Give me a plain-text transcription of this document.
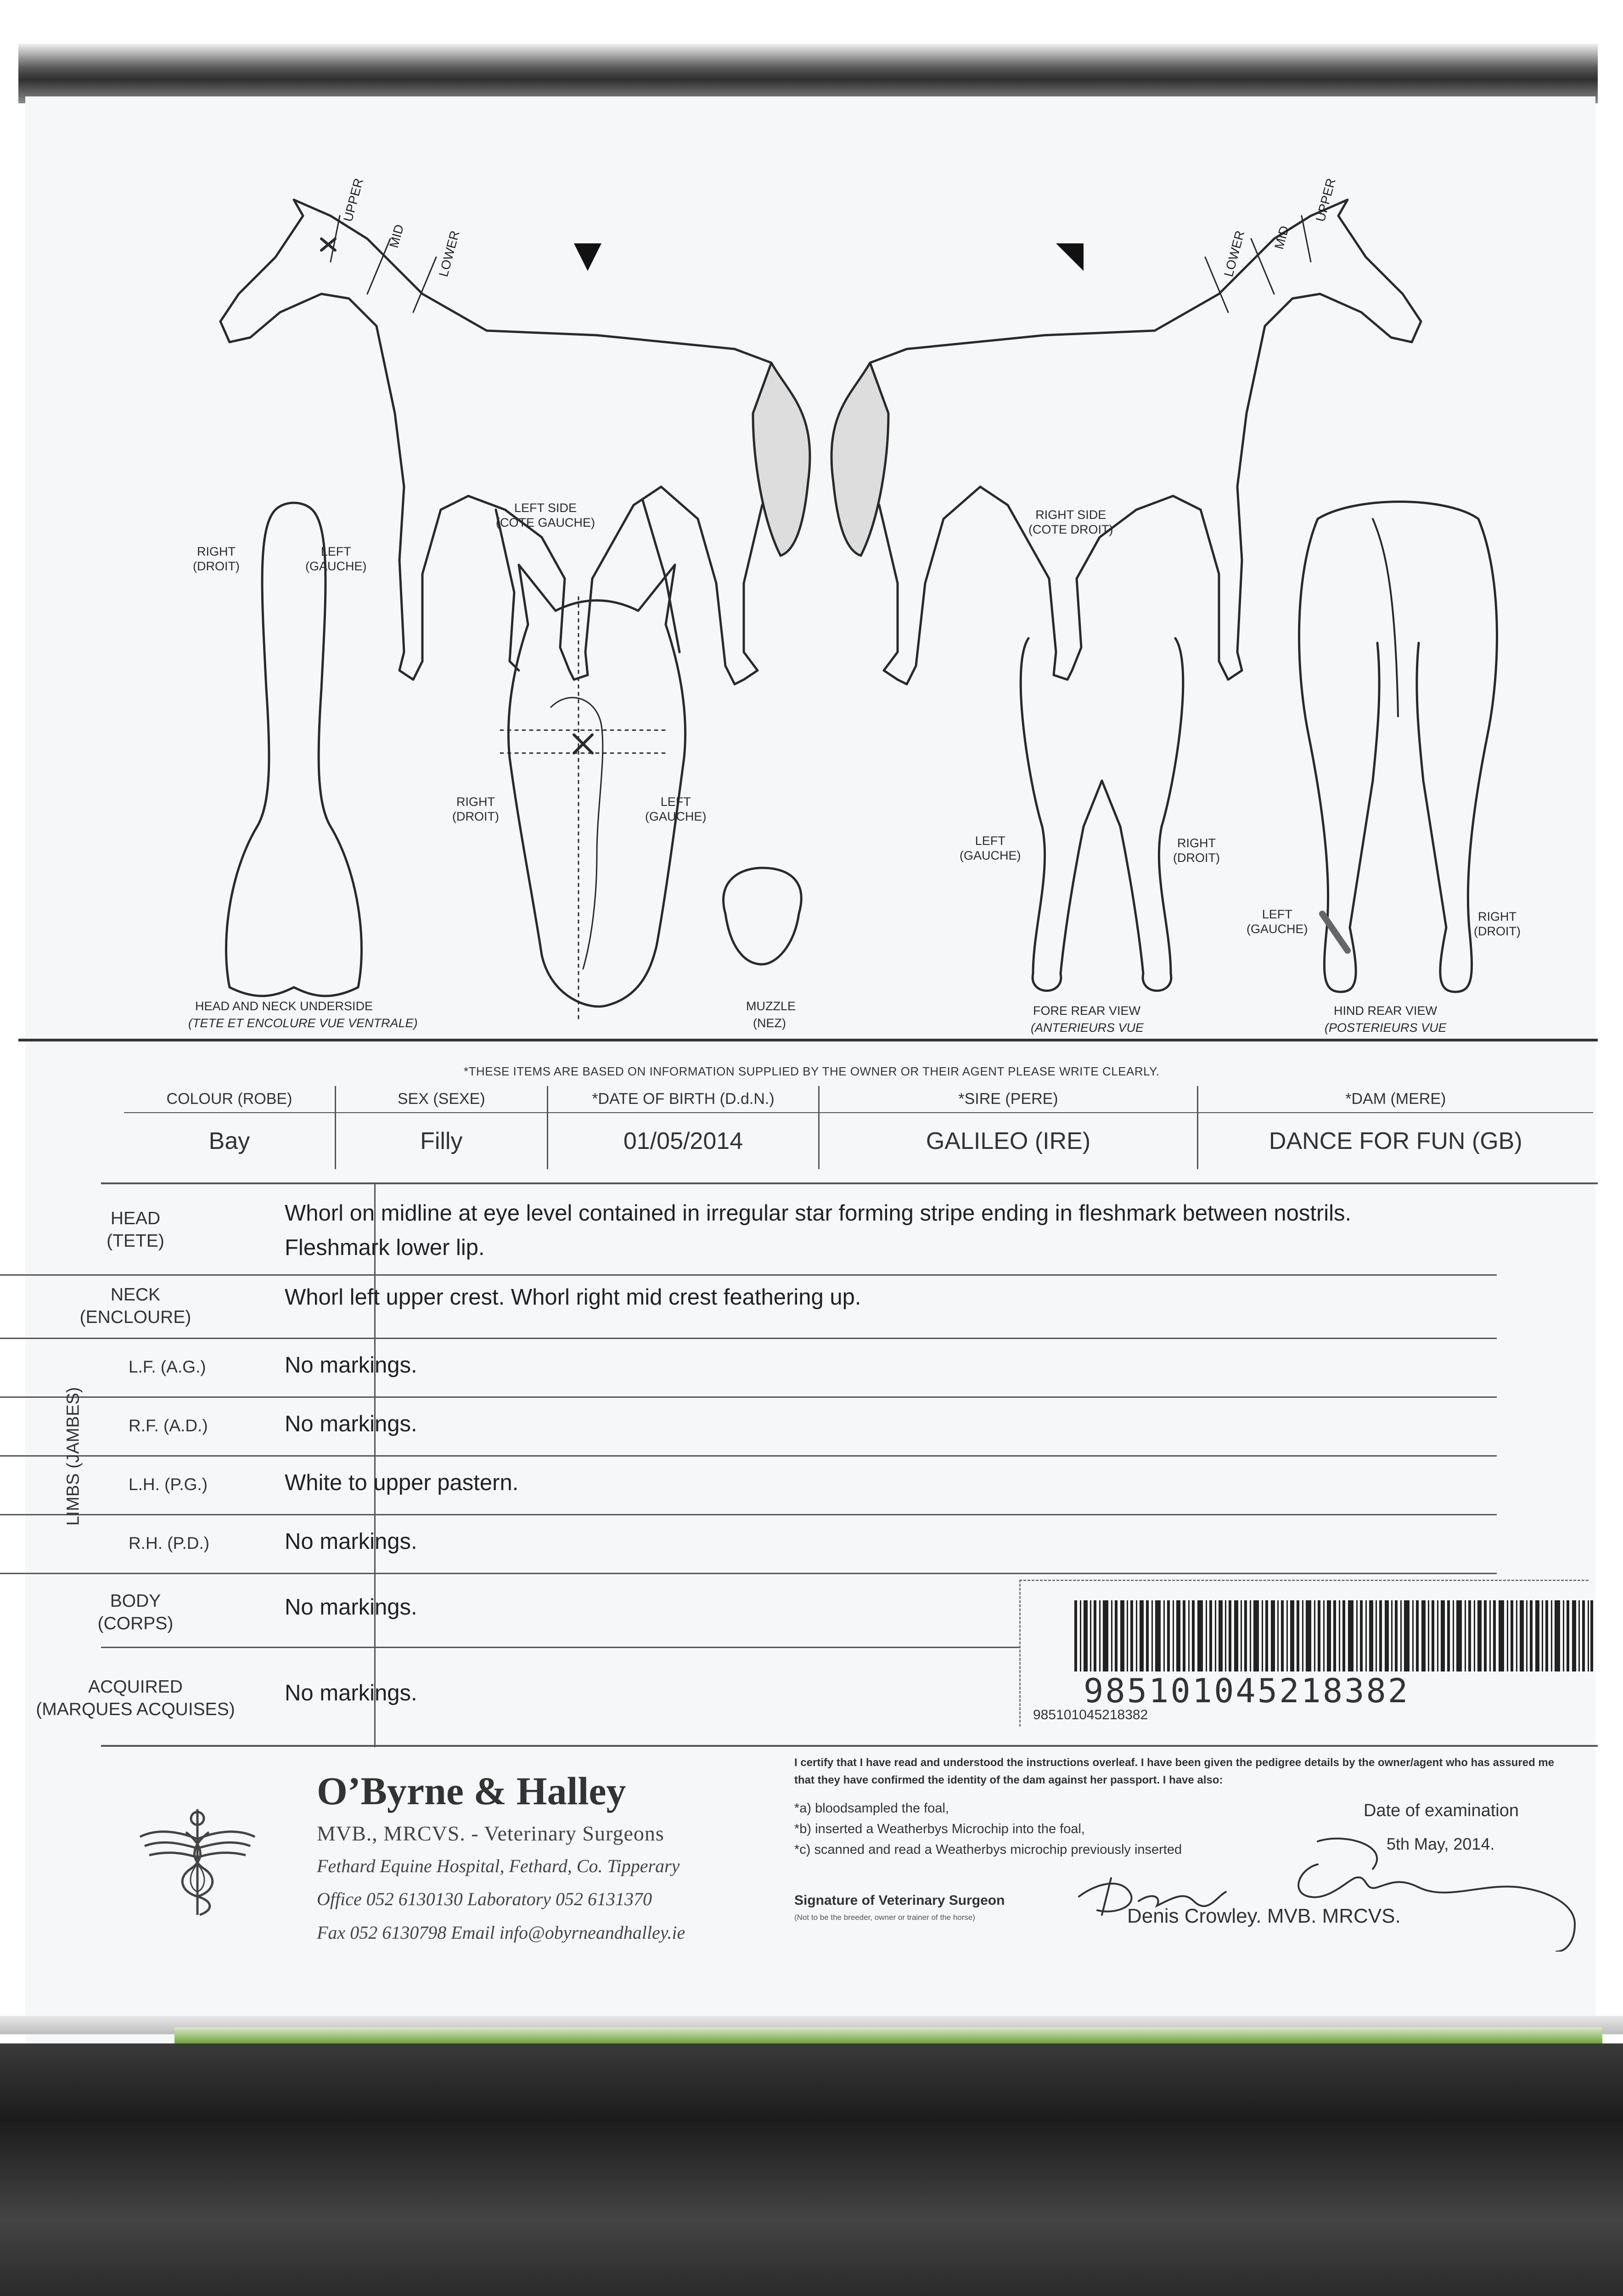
LEFT SIDE
(COTE GAUCHE)
RIGHT SIDE
(COTE DROIT)
UPPER
MID LOWER
UPPER
MID
LOWER
RIGHT
(DROIT)
LEFT
(GAUCHE)
HEAD AND NECK UNDERSIDE
(TETE ET ENCOLURE VUE VENTRALE)
RIGHT
(DROIT)
LEFT
(GAUCHE)
MUZZLE
(NEZ)
LEFT
(GAUCHE)
RIGHT
(DROIT)
FORE REAR VIEW
(ANTERIEURS VUE
LEFT
(GAUCHE)
RIGHT
(DROIT)
HIND REAR VIEW
(POSTERIEURS VUE
*THESE ITEMS ARE BASED ON INFORMATION SUPPLIED BY THE OWNER OR THEIR AGENT PLEASE WRITE CLEARLY.
COLOUR (ROBE)	SEX (SEXE)	*DATE OF BIRTH (D.d.N.)	*SIRE (PERE)	*DAM (MERE)
Bay	Filly	01/05/2014	GALILEO (IRE)	DANCE FOR FUN (GB)
HEAD
(TETE)
Whorl on midline at eye level contained in irregular star forming stripe ending in fleshmark between nostrils.
Fleshmark lower lip.
NECK
(ENCLOURE)
Whorl left upper crest. Whorl right mid crest feathering up.
L.F. (A.G.)	No markings.
R.F. (A.D.)	No markings.
L.H. (P.G.)	White to upper pastern.
R.H. (P.D.)	No markings.
LIMBS (JAMBES)
BODY
(CORPS)
No markings.
ACQUIRED
(MARQUES ACQUISES)
No markings.	985101045218382
985101045218382
O’Byrne & Halley
MVB., MRCVS. - Veterinary Surgeons
Fethard Equine Hospital, Fethard, Co. Tipperary
Office 052 6130130 Laboratory 052 6131370
Fax 052 6130798 Email info@obyrneandhalley.ie
I certify that I have read and understood the instructions overleaf. I have been given the pedigree details by the owner/agent who has assured me that they have confirmed the identity of the dam against her passport. I have also:
*a) bloodsampled the foal,
*b) inserted a Weatherbys Microchip into the foal,
*c) scanned and read a Weatherbys microchip previously inserted
Date of examination
5th May, 2014.
Signature of Veterinary Surgeon
(Not to be the breeder, owner or trainer of the horse)	Denis Crowley. MVB. MRCVS.
